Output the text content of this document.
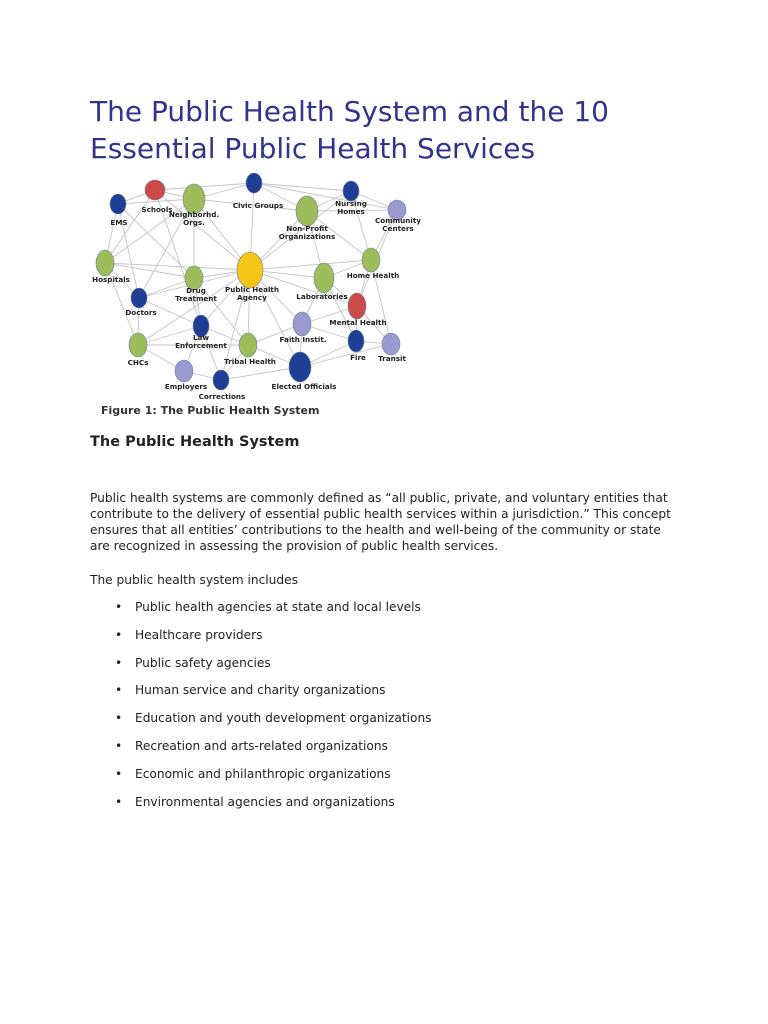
The Public Health System and the 10 Essential Public Health Services
EMS
Schools
Neighborhd. Orgs.
Civic Groups
Non-Profit Organizations
Nursing Homes
Community Centers
Hospitals
Doctors
Drug Treatment
Public Health Agency	Laboratories
Home Health
Mental Health
Law Enforcement
Faith Instit.
CHCs	Tribal Health	Fire Transit
Employers
Corrections
Elected Officials
Figure 1: The Public Health System
The Public Health System

Public health systems are commonly defined as “all public, private, and voluntary entities that contribute to the delivery of essential public health services within a jurisdiction.” This concept ensures that all entities’ contributions to the health and well-being of the community or state are recognized in assessing the provision of public health services.

The public health system includes

• Public health agencies at state and local levels
• Healthcare providers
• Public safety agencies
• Human service and charity organizations
• Education and youth development organizations
• Recreation and arts-related organizations
• Economic and philanthropic organizations
• Environmental agencies and organizations
